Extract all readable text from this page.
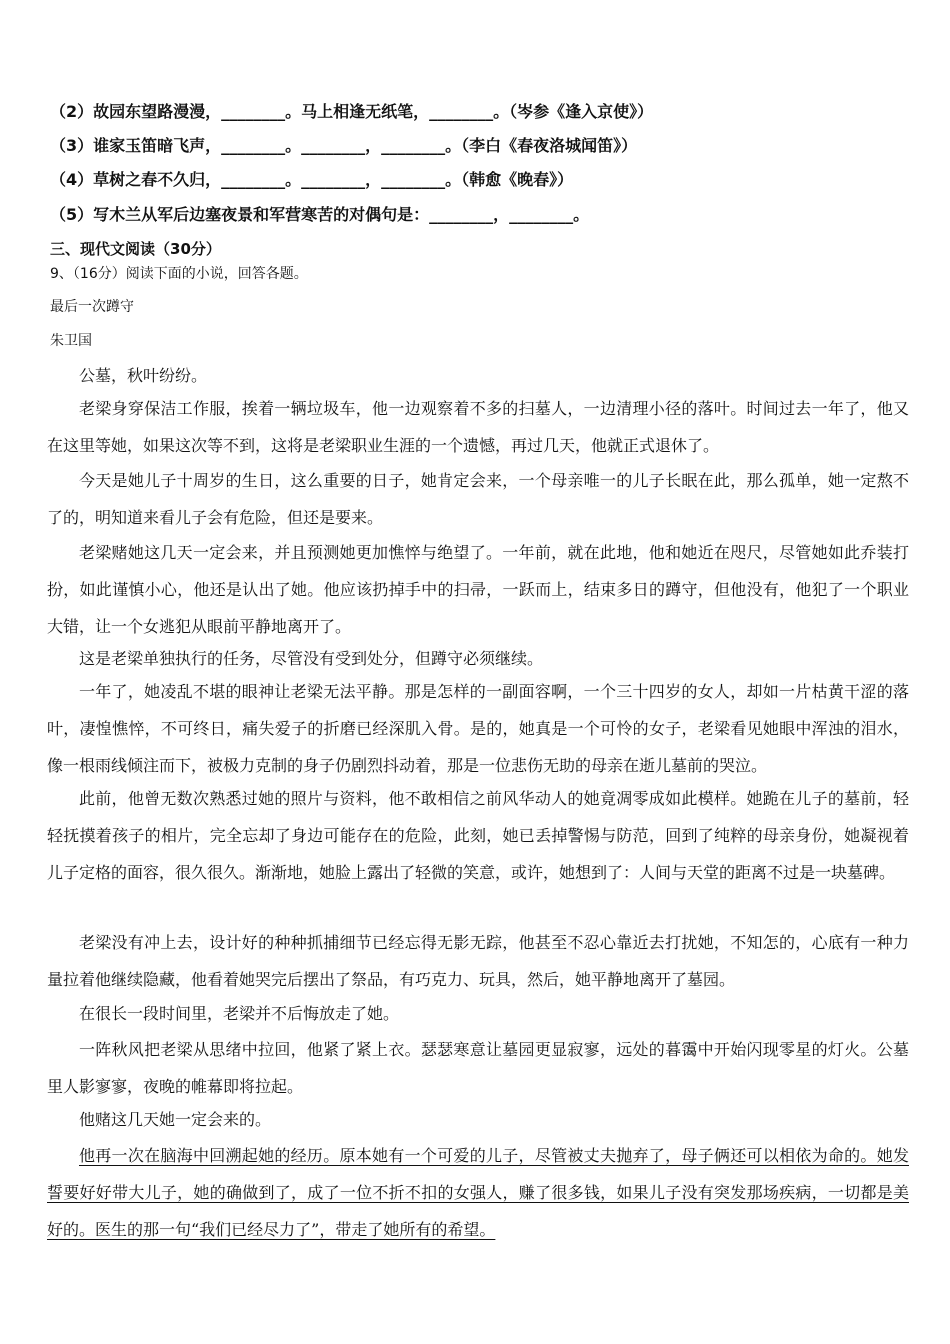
（2）故园东望路漫漫，________。马上相逢无纸笔，________。（岑参《逢入京使》）
（3）谁家玉笛暗飞声，________。________，________。（李白《春夜洛城闻笛》）
（4）草树之春不久归，________。________，________。（韩愈《晚春》）
（5）写木兰从军后边塞夜景和军营寒苦的对偶句是：________，________。
三、现代文阅读（30分）
9、（16分）阅读下面的小说，回答各题。
最后一次蹲守
朱卫国

公墓，秋叶纷纷。

老梁身穿保洁工作服，挨着一辆垃圾车，他一边观察着不多的扫墓人，一边清理小径的落叶。时间过去一年了，他又在这里等她，如果这次等不到，这将是老梁职业生涯的一个遗憾，再过几天，他就正式退休了。

今天是她儿子十周岁的生日，这么重要的日子，她肯定会来，一个母亲唯一的儿子长眠在此，那么孤单，她一定熬不了的，明知道来看儿子会有危险，但还是要来。

老梁赌她这几天一定会来，并且预测她更加憔悴与绝望了。一年前，就在此地，他和她近在咫尺，尽管她如此乔装打扮，如此谨慎小心，他还是认出了她。他应该扔掉手中的扫帚，一跃而上，结束多日的蹲守，但他没有，他犯了一个职业大错，让一个女逃犯从眼前平静地离开了。

这是老梁单独执行的任务，尽管没有受到处分，但蹲守必须继续。

一年了，她凌乱不堪的眼神让老梁无法平静。那是怎样的一副面容啊，一个三十四岁的女人，却如一片枯黄干涩的落叶，凄惶憔悴，不可终日，痛失爱子的折磨已经深肌入骨。是的，她真是一个可怜的女子，老梁看见她眼中浑浊的泪水，像一根雨线倾注而下，被极力克制的身子仍剧烈抖动着，那是一位悲伤无助的母亲在逝儿墓前的哭泣。

此前，他曾无数次熟悉过她的照片与资料，他不敢相信之前风华动人的她竟凋零成如此模样。她跪在儿子的墓前，轻轻抚摸着孩子的相片，完全忘却了身边可能存在的危险，此刻，她已丢掉警惕与防范，回到了纯粹的母亲身份，她凝视着儿子定格的面容，很久很久。渐渐地，她脸上露出了轻微的笑意，或许，她想到了：人间与天堂的距离不过是一块墓碑。

老梁没有冲上去，设计好的种种抓捕细节已经忘得无影无踪，他甚至不忍心靠近去打扰她，不知怎的，心底有一种力量拉着他继续隐藏，他看着她哭完后摆出了祭品，有巧克力、玩具，然后，她平静地离开了墓园。

在很长一段时间里，老梁并不后悔放走了她。

一阵秋风把老梁从思绪中拉回，他紧了紧上衣。瑟瑟寒意让墓园更显寂寥，远处的暮霭中开始闪现零星的灯火。公墓里人影寥寥，夜晚的帷幕即将拉起。

他赌这几天她一定会来的。

他再一次在脑海中回溯起她的经历。原本她有一个可爱的儿子，尽管被丈夫抛弃了，母子俩还可以相依为命的。她发誓要好好带大儿子，她的确做到了，成了一位不折不扣的女强人，赚了很多钱，如果儿子没有突发那场疾病，一切都是美好的。医生的那一句“我们已经尽力了”，带走了她所有的希望。
